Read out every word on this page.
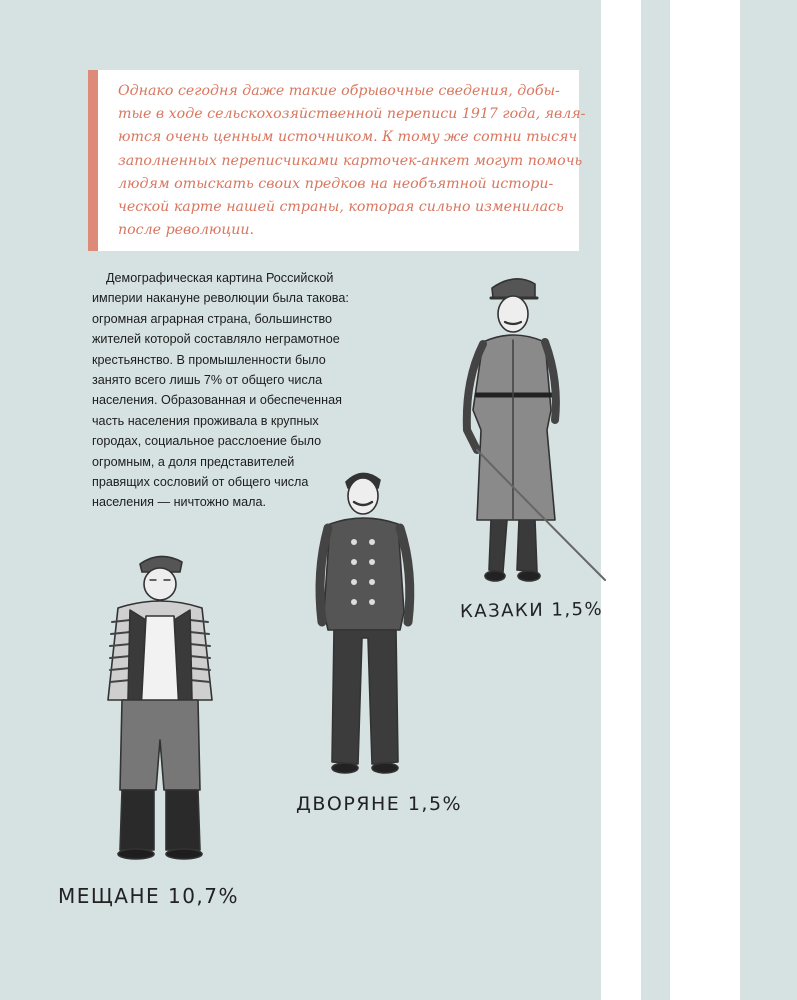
Однако сегодня даже такие обрывочные сведения, добы-
тые в ходе сельскохозяйственной переписи 1917 года, явля-
ются очень ценным источником. К тому же сотни тысяч
заполненных переписчиками карточек-анкет могут помочь
людям отыскать своих предков на необъятной истори-
ческой карте нашей страны, которая сильно изменилась
после революции.

Демографическая картина Российской
империи накануне революции была такова:
огромная аграрная страна, большинство
жителей которой составляло неграмотное
крестьянство. В промышленности было
занято всего лишь 7% от общего числа
населения. Образованная и обеспеченная
часть населения проживала в крупных
городах, социальное расслоение было
огромным, а доля представителей
правящих сословий от общего числа
населения — ничтожно мала.

КАЗАКИ 1,5%
ДВОРЯНЕ 1,5%
МЕЩАНЕ 10,7%
